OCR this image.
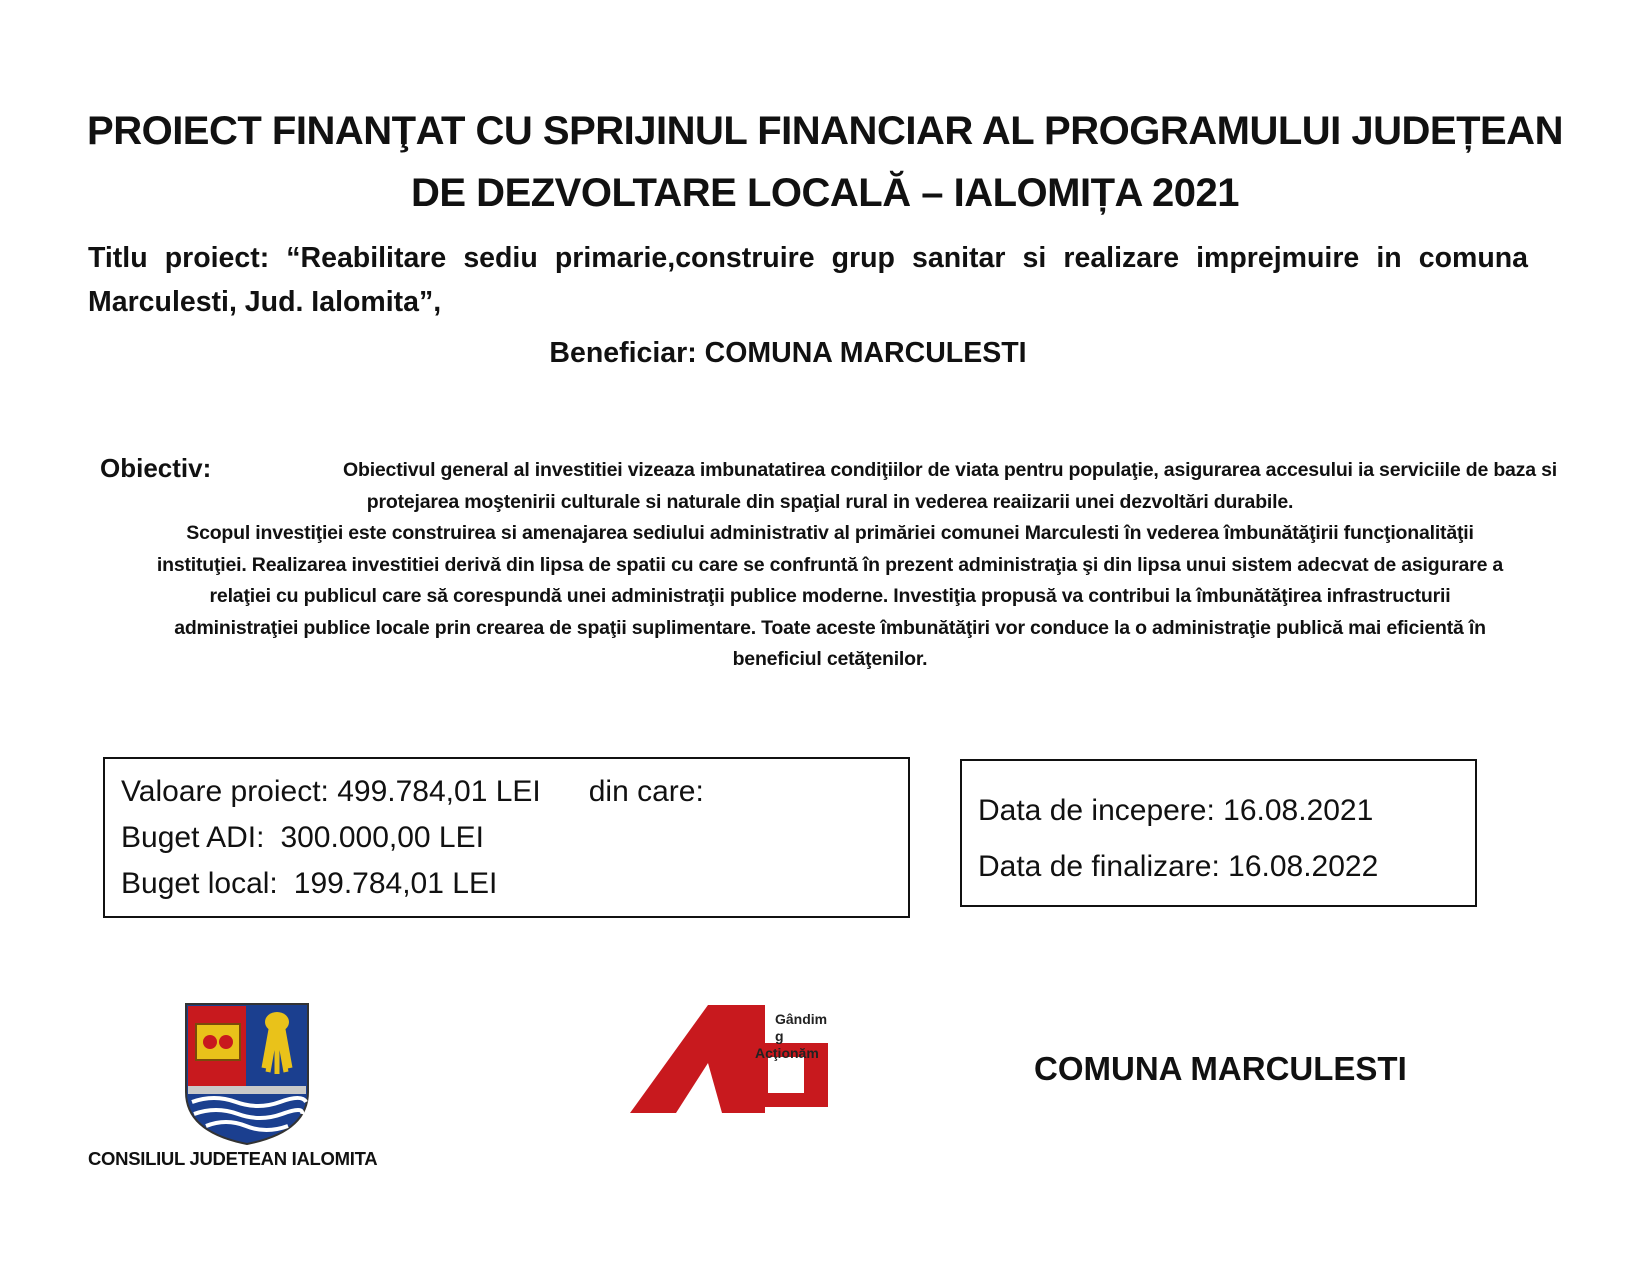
PROIECT FINANŢAT CU SPRIJINUL FINANCIAR AL PROGRAMULUI JUDEȚEAN
DE DEZVOLTARE LOCALĂ – IALOMIȚA 2021
Titlu proiect: “Reabilitare sediu primarie,construire grup sanitar si realizare imprejmuire in comuna Marculesti, Jud. Ialomita”,
Beneficiar: COMUNA MARCULESTI
Obiectiv:	Obiectivul general al investitiei vizeaza imbunatatirea condiţiilor de viata pentru populaţie, asigurarea accesului ia serviciile de baza si
protejarea moştenirii culturale si naturale din spaţial rural in vederea reaiizarii unei dezvoltări durabile.
Scopul investiţiei este construirea si amenajarea sediului administrativ al primăriei comunei Marculesti în vederea îmbunătăţirii funcţionalităţii
instituţiei. Realizarea investitiei derivă din lipsa de spatii cu care se confruntă în prezent administraţia şi din lipsa unui sistem adecvat de asigurare a
relaţiei cu publicul care să corespundă unei administraţii publice moderne. Investiţia propusă va contribui la îmbunătăţirea infrastructurii
administraţiei publice locale prin crearea de spaţii suplimentare. Toate aceste îmbunătăţiri vor conduce la o administraţie publică mai eficientă în
beneficiul cetăţenilor.
Valoare proiect: 499.784,01 LEI din care:
Buget ADI: 300.000,00 LEI
Buget local: 199.784,01 LEI
Data de incepere: 16.08.2021
Data de finalizare: 16.08.2022
CONSILIUL JUDETEAN IALOMITA
Gândim g
Acţionăm	COMUNA MARCULESTI
